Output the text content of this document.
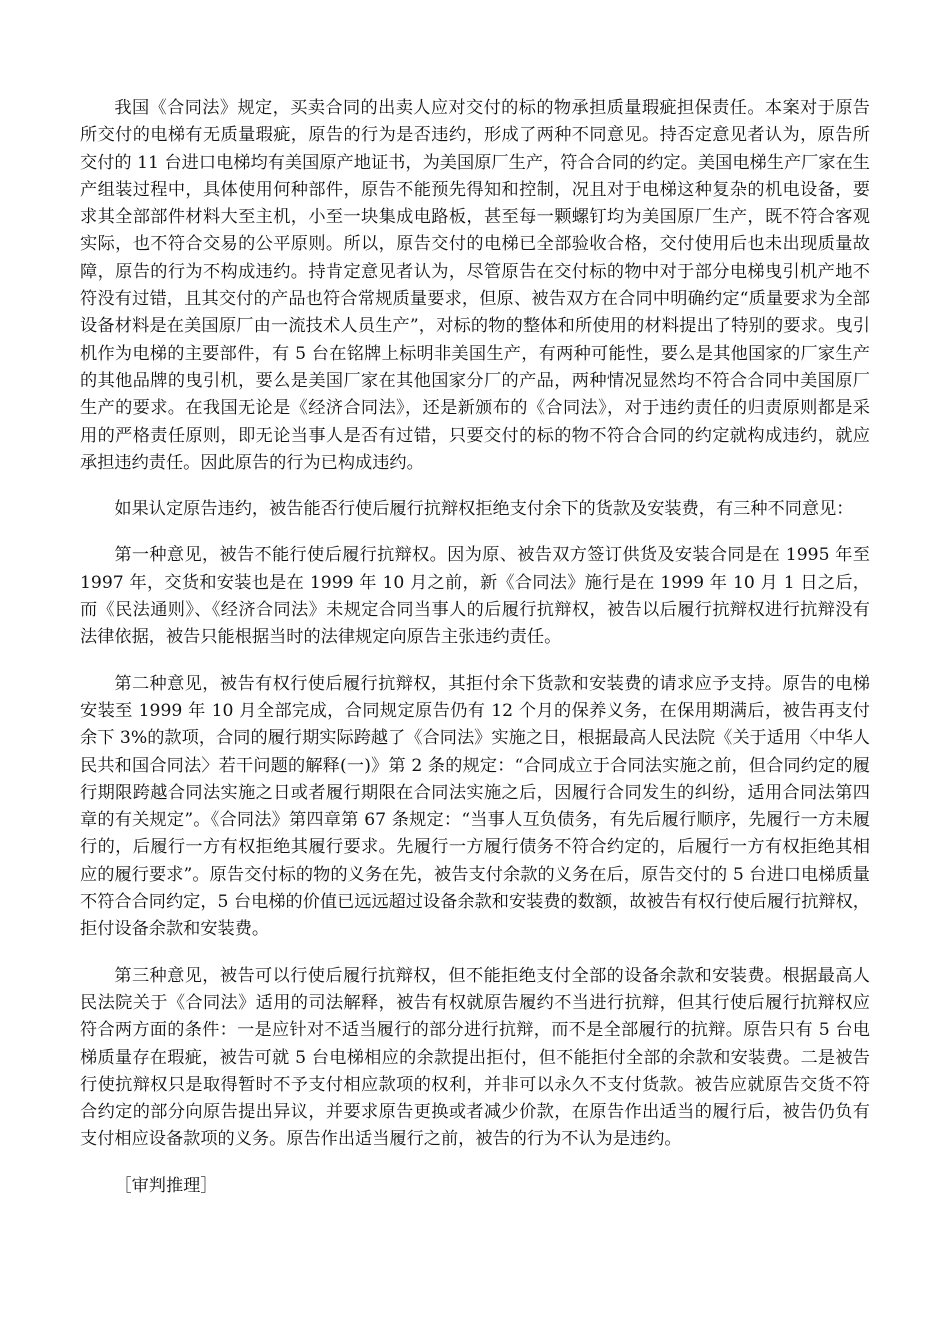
我国《合同法》规定，买卖合同的出卖人应对交付的标的物承担质量瑕疵担保责任。本案对于原告所交付的电梯有无质量瑕疵，原告的行为是否违约，形成了两种不同意见。持否定意见者认为，原告所交付的 11 台进口电梯均有美国原产地证书，为美国原厂生产，符合合同的约定。美国电梯生产厂家在生产组装过程中，具体使用何种部件，原告不能预先得知和控制，况且对于电梯这种复杂的机电设备，要求其全部部件材料大至主机，小至一块集成电路板，甚至每一颗螺钉均为美国原厂生产，既不符合客观实际，也不符合交易的公平原则。所以，原告交付的电梯已全部验收合格，交付使用后也未出现质量故障，原告的行为不构成违约。持肯定意见者认为，尽管原告在交付标的物中对于部分电梯曳引机产地不符没有过错，且其交付的产品也符合常规质量要求，但原、被告双方在合同中明确约定“质量要求为全部设备材料是在美国原厂由一流技术人员生产”，对标的物的整体和所使用的材料提出了特别的要求。曳引机作为电梯的主要部件，有 5 台在铭牌上标明非美国生产，有两种可能性，要么是其他国家的厂家生产的其他品牌的曳引机，要么是美国厂家在其他国家分厂的产品，两种情况显然均不符合合同中美国原厂生产的要求。在我国无论是《经济合同法》，还是新颁布的《合同法》，对于违约责任的归责原则都是采用的严格责任原则，即无论当事人是否有过错，只要交付的标的物不符合合同的约定就构成违约，就应承担违约责任。因此原告的行为已构成违约。

如果认定原告违约，被告能否行使后履行抗辩权拒绝支付余下的货款及安装费，有三种不同意见：

第一种意见，被告不能行使后履行抗辩权。因为原、被告双方签订供货及安装合同是在 1995 年至 1997 年，交货和安装也是在 1999 年 10 月之前，新《合同法》施行是在 1999 年 10 月 1 日之后，而《民法通则》、《经济合同法》未规定合同当事人的后履行抗辩权，被告以后履行抗辩权进行抗辩没有法律依据，被告只能根据当时的法律规定向原告主张违约责任。

第二种意见，被告有权行使后履行抗辩权，其拒付余下货款和安装费的请求应予支持。原告的电梯安装至 1999 年 10 月全部完成，合同规定原告仍有 12 个月的保养义务，在保用期满后，被告再支付余下 3%的款项，合同的履行期实际跨越了《合同法》实施之日，根据最高人民法院《关于适用〈中华人民共和国合同法〉若干问题的解释(一)》第 2 条的规定：“合同成立于合同法实施之前，但合同约定的履行期限跨越合同法实施之日或者履行期限在合同法实施之后，因履行合同发生的纠纷，适用合同法第四章的有关规定”。《合同法》第四章第 67 条规定：“当事人互负债务，有先后履行顺序，先履行一方未履行的，后履行一方有权拒绝其履行要求。先履行一方履行债务不符合约定的，后履行一方有权拒绝其相应的履行要求”。原告交付标的物的义务在先，被告支付余款的义务在后，原告交付的 5 台进口电梯质量不符合合同约定，5 台电梯的价值已远远超过设备余款和安装费的数额，故被告有权行使后履行抗辩权，拒付设备余款和安装费。

第三种意见，被告可以行使后履行抗辩权，但不能拒绝支付全部的设备余款和安装费。根据最高人民法院关于《合同法》适用的司法解释，被告有权就原告履约不当进行抗辩，但其行使后履行抗辩权应符合两方面的条件：一是应针对不适当履行的部分进行抗辩，而不是全部履行的抗辩。原告只有 5 台电梯质量存在瑕疵，被告可就 5 台电梯相应的余款提出拒付，但不能拒付全部的余款和安装费。二是被告行使抗辩权只是取得暂时不予支付相应款项的权利，并非可以永久不支付货款。被告应就原告交货不符合约定的部分向原告提出异议，并要求原告更换或者减少价款，在原告作出适当的履行后，被告仍负有支付相应设备款项的义务。原告作出适当履行之前，被告的行为不认为是违约。

［审判推理］
